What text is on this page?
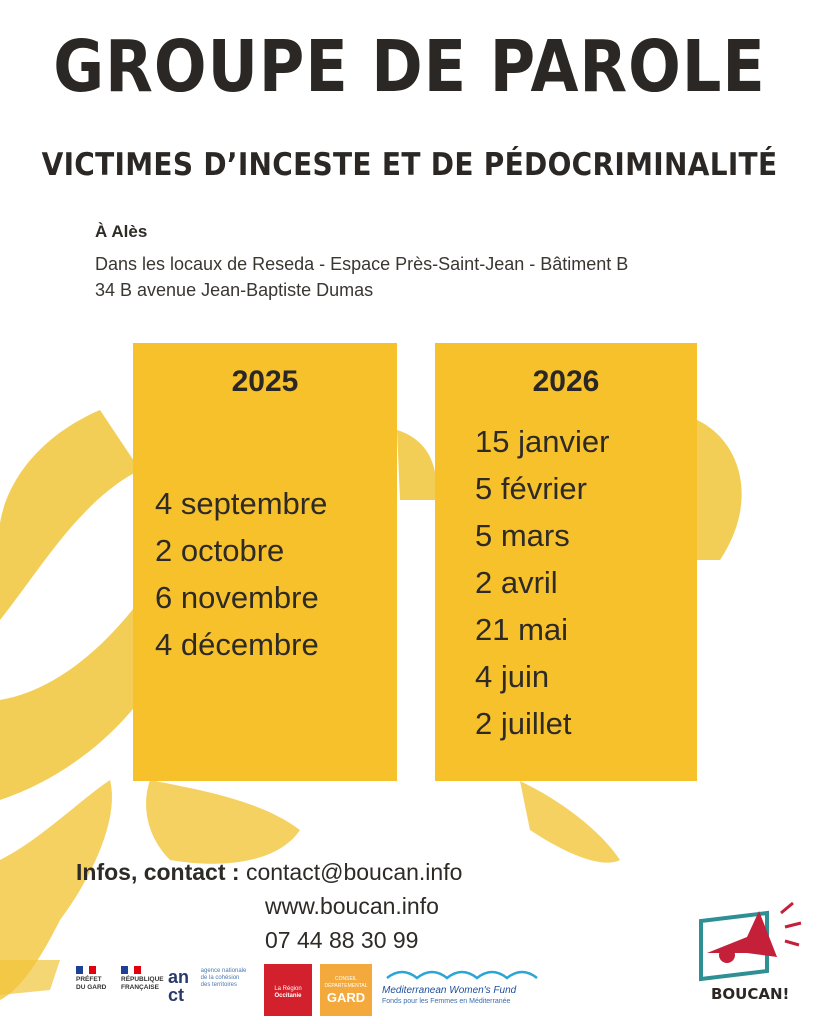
GROUPE DE PAROLE
VICTIMES D’INCESTE ET DE PÉDOCRIMINALITÉ
À Alès
Dans les locaux de Reseda - Espace Près-Saint-Jean - Bâtiment B
34 B avenue Jean-Baptiste Dumas
2025
4 septembre
2 octobre
6 novembre
4 décembre
2026
15 janvier
5 février
5 mars
2 avril
21 mai
4 juin
2 juillet
Infos, contact : contact@boucan.info
www.boucan.info
07 44 88 30 99
PRÉFET
DU GARD
RÉPUBLIQUE
FRANÇAISE
an ct
agence nationale
de la cohésion
des territoires
La Région
Occitanie
CONSEIL DÉPARTEMENTAL
GARD	Mediterranean Women's Fund
Fonds pour les Femmes en Méditerranée	BOUCAN!
